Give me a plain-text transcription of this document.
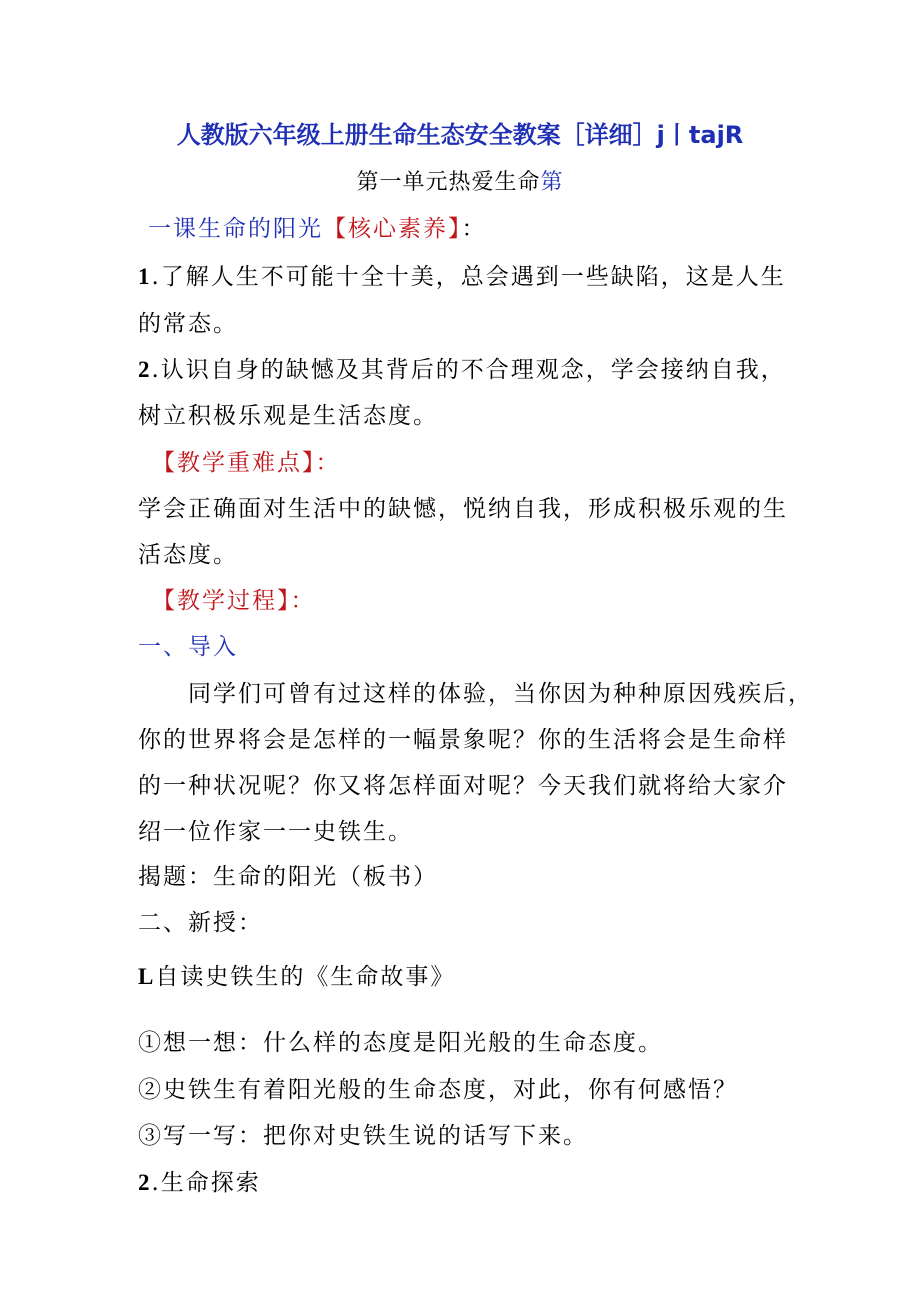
人教版六年级上册生命生态安全教案［详细］j丨tajR
第一单元热爱生命第
一课生命的阳光【核心素养】：
1.了解人生不可能十全十美，总会遇到一些缺陷，这是人生
的常态。
2.认识自身的缺憾及其背后的不合理观念，学会接纳自我，
树立积极乐观是生活态度。
【教学重难点】：
学会正确面对生活中的缺憾，悦纳自我，形成积极乐观的生
活态度。
【教学过程】：
一、导入
同学们可曾有过这样的体验，当你因为种种原因残疾后，
你的世界将会是怎样的一幅景象呢？你的生活将会是生命样
的一种状况呢？你又将怎样面对呢？今天我们就将给大家介
绍一位作家一一史铁生。
揭题：生命的阳光（板书）
二、新授：
L自读史铁生的《生命故事》
①想一想：什么样的态度是阳光般的生命态度。
②史铁生有着阳光般的生命态度，对此，你有何感悟？
③写一写：把你对史铁生说的话写下来。
2.生命探索
